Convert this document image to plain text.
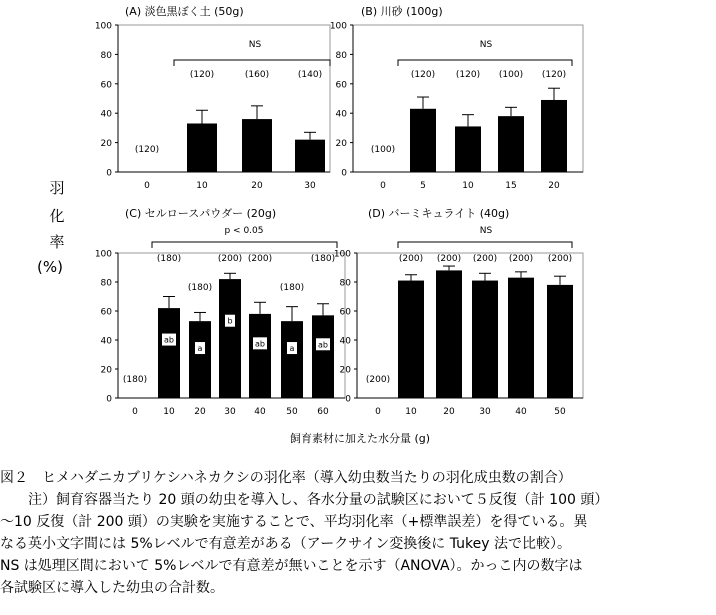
羽
化
率
(%)
(A) 淡色黒ぼく土 (50g)
0
20
40
60
80
100
NS
0
(120)
10
(120)
20
(160)
30
(140)
(B) 川砂 (100g)
0
20
40
60
80
100
NS
0
(100)
5
(120)
10
(120)
15
(100)
20
(120)
(C) セルロースパウダー (20g)
0
20
40
60
80
100
p < 0.05
0
(180)
10
(180)
ab
20
(180)
a
30
(200)
b
40
(200)
ab
50
(180)
a
60
(180)
ab
(D) バーミキュライト (40g)
0
20
40
60
80
100
NS
0
(200)
10
(200)
20
(200)
30
(200)
40
(200)
50
(200)
飼育素材に加えた水分量 (g)
図２　ヒメハダニカブリケシハネカクシの羽化率（導入幼虫数当たりの羽化成虫数の割合）
　　注）飼育容器当たり 20 頭の幼虫を導入し、各水分量の試験区において５反復（計 100 頭）
～10 反復（計 200 頭）の実験を実施することで、平均羽化率（+標準誤差）を得ている。異
なる英小文字間には 5%レベルで有意差がある（アークサイン変換後に Tukey 法で比較）。
NS は処理区間において 5%レベルで有意差が無いことを示す（ANOVA）。かっこ内の数字は
各試験区に導入した幼虫の合計数。
